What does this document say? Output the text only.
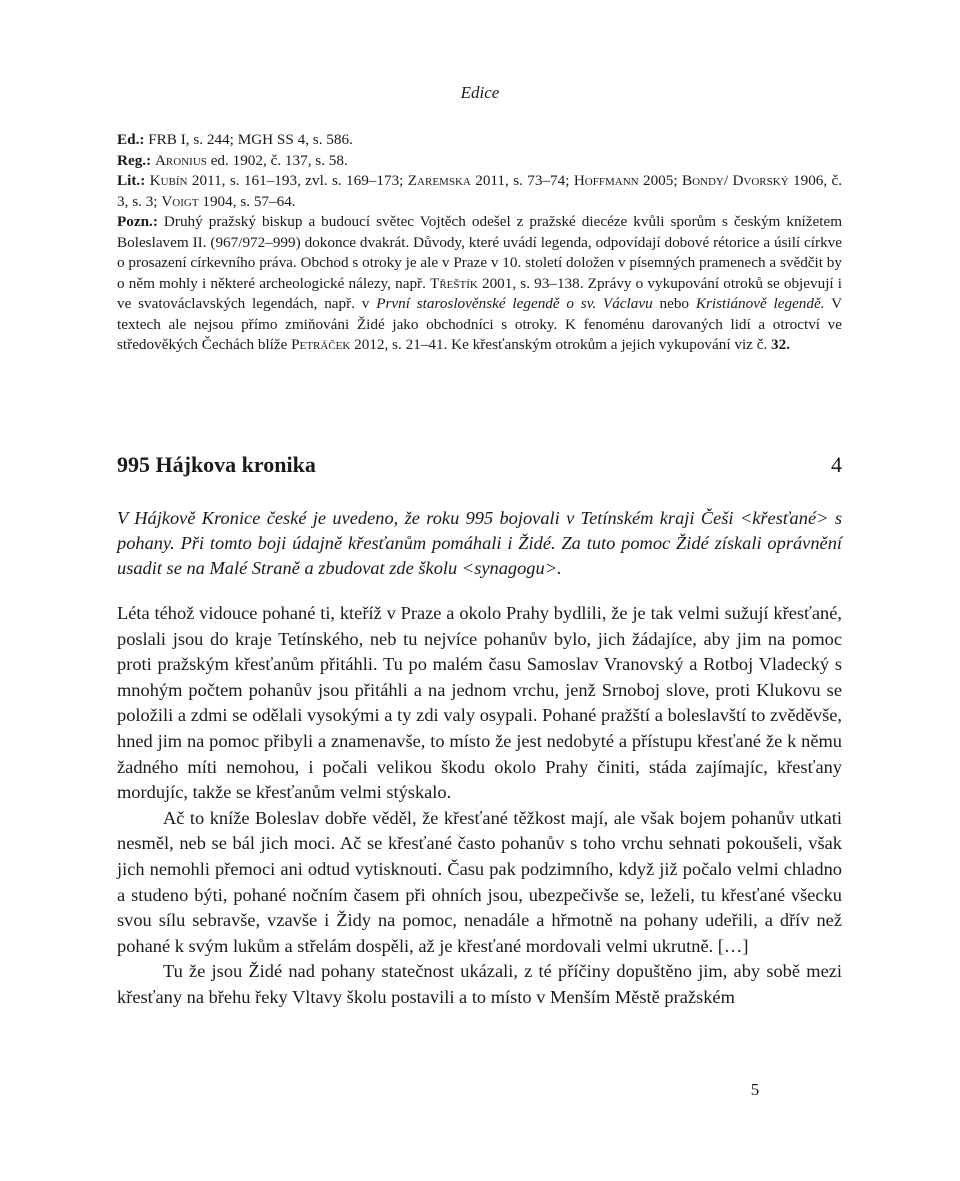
Edice

Ed.: FRB I, s. 244; MGH SS 4, s. 586.

Reg.: Aronius ed. 1902, č. 137, s. 58.

Lit.: Kubín 2011, s. 161–193, zvl. s. 169–173; Zaremska 2011, s. 73–74; Hoffmann 2005; Bondy/ Dvorský 1906, č. 3, s. 3; Voigt 1904, s. 57–64.

Pozn.: Druhý pražský biskup a budoucí světec Vojtěch odešel z pražské diecéze kvůli sporům s českým knížetem Boleslavem II. (967/972–999) dokonce dvakrát. Důvody, které uvádí legenda, odpovídají dobové rétorice a úsilí církve o prosazení církevního práva. Obchod s otroky je ale v Praze v 10. století doložen v písemných pramenech a svědčit by o něm mohly i některé archeologické nálezy, např. Třeštík 2001, s. 93–138. Zprávy o vykupování otroků se objevují i ve svatováclavských legendách, např. v První staroslověnské legendě o sv. Václavu nebo Kristiánově legendě. V textech ale nejsou přímo zmiňováni Židé jako obchodníci s otroky. K fenoménu darovaných lidí a otroctví ve středověkých Čechách blíže Petráček 2012, s. 21–41. Ke křesťanským otrokům a jejich vykupování viz č. 32.

995 Hájkova kronika	4

V Hájkově Kronice české je uvedeno, že roku 995 bojovali v Tetínském kraji Češi <křesťané> s pohany. Při tomto boji údajně křesťanům pomáhali i Židé. Za tuto pomoc Židé získali oprávnění usadit se na Malé Straně a zbudovat zde školu <synagogu>.

Léta téhož vidouce pohané ti, kteříž v Praze a okolo Prahy bydlili, že je tak velmi sužují křesťané, poslali jsou do kraje Tetínského, neb tu nejvíce pohanův bylo, jich žádajíce, aby jim na pomoc proti pražským křesťanům přitáhli. Tu po malém času Samoslav Vranovský a Rotboj Vladecký s mnohým počtem pohanův jsou přitáhli a na jednom vrchu, jenž Srnoboj slove, proti Klukovu se položili a zdmi se odělali vysokými a ty zdi valy osypali. Pohané pražští a boleslavští to zvěděvše, hned jim na pomoc přibyli a znamenavše, to místo že jest nedobyté a přístupu křesťané že k němu žadného míti nemohou, i počali velikou škodu okolo Prahy činiti, stáda zajímajíc, křesťany mordujíc, takže se křesťanům velmi stýskalo.

Ač to kníže Boleslav dobře věděl, že křesťané těžkost mají, ale však bojem pohanův utkati nesměl, neb se bál jich moci. Ač se křesťané často pohanův s toho vrchu sehnati pokoušeli, však jich nemohli přemoci ani odtud vytisknouti. Času pak podzimního, když již počalo velmi chladno a studeno býti, pohané nočním časem při ohních jsou, ubezpečivše se, leželi, tu křesťané všecku svou sílu sebravše, vzavše i Židy na pomoc, nenadále a hřmotně na pohany udeřili, a dřív než pohané k svým lukům a střelám dospěli, až je křesťané mordovali velmi ukrutně. […]

Tu že jsou Židé nad pohany statečnost ukázali, z té příčiny dopuštěno jim, aby sobě mezi křesťany na břehu řeky Vltavy školu postavili a to místo v Menším Městě pražském

5
